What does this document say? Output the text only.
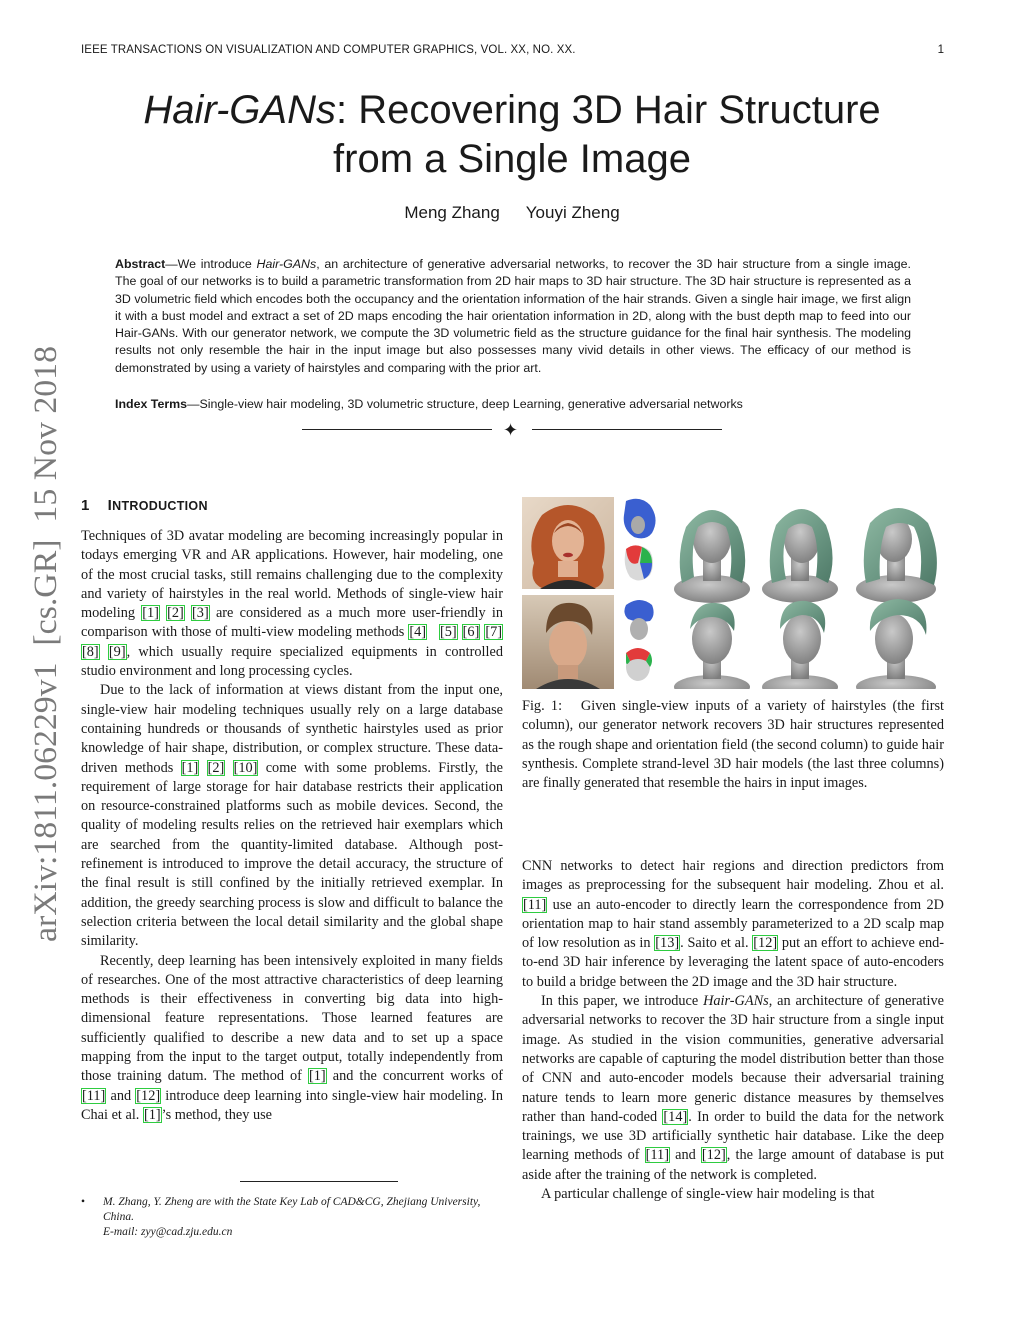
IEEE TRANSACTIONS ON VISUALIZATION AND COMPUTER GRAPHICS, VOL. XX, NO. XX.	1
arXiv:1811.06229v1  [cs.GR]  15 Nov 2018
Hair-GANs: Recovering 3D Hair Structure
from a Single Image
Meng Zhang Youyi Zheng

Abstract—We introduce Hair-GANs, an architecture of generative adversarial networks, to recover the 3D hair structure from a single image. The goal of our networks is to build a parametric transformation from 2D hair maps to 3D hair structure. The 3D hair structure is represented as a 3D volumetric field which encodes both the occupancy and the orientation information of the hair strands. Given a single hair image, we first align it with a bust model and extract a set of 2D maps encoding the hair orientation information in 2D, along with the bust depth map to feed into our Hair-GANs. With our generator network, we compute the 3D volumetric field as the structure guidance for the final hair synthesis. The modeling results not only resemble the hair in the input image but also possesses many vivid details in other views. The efficacy of our method is demonstrated by using a variety of hairstyles and comparing with the prior art.

Index Terms—Single-view hair modeling, 3D volumetric structure, deep Learning, generative adversarial networks

✦
1 INTRODUCTION

Techniques of 3D avatar modeling are becoming increasingly popular in todays emerging VR and AR applications. However, hair modeling, one of the most crucial tasks, still remains challenging due to the complexity and variety of hairstyles in the real world. Methods of single-view hair modeling [1] [2] [3] are considered as a much more user-friendly in comparison with those of multi-view modeling methods [4] [5] [6] [7] [8] [9], which usually require specialized equipments in controlled studio environment and long processing cycles.

Due to the lack of information at views distant from the input one, single-view hair modeling techniques usually rely on a large database containing hundreds or thousands of synthetic hairstyles used as prior knowledge of hair shape, distribution, or complex structure. These data-driven methods [1] [2] [10] come with some problems. Firstly, the requirement of large storage for hair database restricts their application on resource-constrained platforms such as mobile devices. Second, the quality of modeling results relies on the retrieved hair exemplars which are searched from the quantity-limited database. Although post-refinement is introduced to improve the detail accuracy, the structure of the final result is still confined by the initially retrieved exemplar. In addition, the greedy searching process is slow and difficult to balance the selection criteria between the local detail similarity and the global shape similarity.

Recently, deep learning has been intensively exploited in many fields of researches. One of the most attractive characteristics of deep learning methods is their effectiveness in converting big data into high-dimensional feature representations. Those learned features are sufficiently qualified to describe a new data and to set up a space mapping from the input to the target output, totally independently from those training datum. The method of [1] and the concurrent works of [11] and [12] introduce deep learning into single-view hair modeling. In Chai et al. [1]’s method, they use

• M. Zhang, Y. Zheng are with the State Key Lab of CAD&CG, Zhejiang University, China.
E-mail: zyy@cad.zju.edu.cn

Fig. 1: Given single-view inputs of a variety of hairstyles (the first column), our generator network recovers 3D hair structures represented as the rough shape and orientation field (the second column) to guide hair synthesis. Complete strand-level 3D hair models (the last three columns) are finally generated that resemble the hairs in input images.

CNN networks to detect hair regions and direction predictors from images as preprocessing for the subsequent hair modeling. Zhou et al. [11] use an auto-encoder to directly learn the correspondence from 2D orientation map to hair stand assembly parameterized to a 2D scalp map of low resolution as in [13]. Saito et al. [12] put an effort to achieve end-to-end 3D hair inference by leveraging the latent space of auto-encoders to build a bridge between the 2D image and the 3D hair structure.

In this paper, we introduce Hair-GANs, an architecture of generative adversarial networks to recover the 3D hair structure from a single input image. As studied in the vision communities, generative adversarial networks are capable of capturing the model distribution better than those of CNN and auto-encoder models because their adversarial training nature tends to learn more generic distance measures by themselves rather than hand-coded [14]. In order to build the data for the network trainings, we use 3D artificially synthetic hair database. Like the deep learning methods of [11] and [12], the large amount of database is put aside after the training of the network is completed.

A particular challenge of single-view hair modeling is that
